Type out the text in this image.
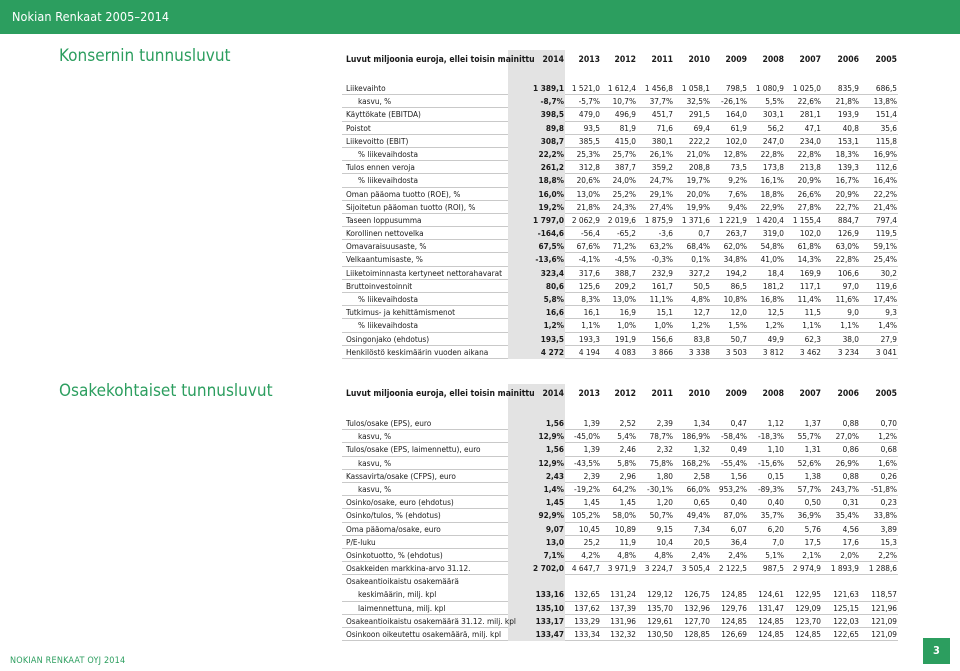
Nokian Renkaat 2005–2014
Konsernin tunnusluvut
Osakekohtaiset tunnusluvut
Luvut miljoonia euroja, ellei toisin mainittu 2014 2013 2012 2011 2010 2009 2008 2007 2006 2005
Liikevaihto	1 389,1 1 521,0 1 612,4 1 456,8 1 058,1 798,5 1 080,9 1 025,0 835,9 686,5
kasvu, %	-8,7% -5,7% 10,7% 37,7% 32,5% -26,1% 5,5% 22,6% 21,8% 13,8%
Käyttökate (EBITDA)	398,5 479,0 496,9 451,7 291,5 164,0 303,1 281,1 193,9 151,4
Poistot	89,8 93,5 81,9	71,6	69,4	61,9	56,2	47,1	40,8	35,6
Liikevoitto (EBIT)	308,7 385,5 415,0 380,1 222,2 102,0 247,0 234,0 153,1 115,8
% liikevaihdosta	22,2% 25,3% 25,7% 26,1% 21,0% 12,8% 22,8% 22,8% 18,3% 16,9%
Tulos ennen veroja	261,2 312,8 387,7 359,2 208,8	73,5 173,8 213,8 139,3 112,6
% liikevaihdosta	18,8% 20,6% 24,0% 24,7% 19,7% 9,2% 16,1% 20,9% 16,7% 16,4%
Oman pääoma tuotto (ROE), %	16,0% 13,0% 25,2% 29,1% 20,0% 7,6% 18,8% 26,6% 20,9% 22,2%
Sijoitetun pääoman tuotto (ROI), %	19,2% 21,8% 24,3% 27,4% 19,9% 9,4% 22,9% 27,8% 22,7% 21,4%
Taseen loppusumma	1 797,0 2 062,9 2 019,6 1 875,9 1 371,6 1 221,9 1 420,4 1 155,4 884,7 797,4
Korollinen nettovelka	-164,6 -56,4 -65,2	-3,6	0,7 263,7 319,0 102,0 126,9 119,5
Omavaraisuusaste, %	67,5% 67,6% 71,2% 63,2% 68,4% 62,0% 54,8% 61,8% 63,0% 59,1%
Velkaantumisaste, %	-13,6% -4,1% -4,5% -0,3% 0,1% 34,8% 41,0% 14,3% 22,8% 25,4%
Liiketoiminnasta kertyneet nettorahavarat	323,4 317,6 388,7 232,9 327,2 194,2	18,4 169,9 106,6	30,2
Bruttoinvestoinnit	80,6 125,6 209,2 161,7	50,5	86,5 181,2 117,1	97,0 119,6
% liikevaihdosta	5,8% 8,3% 13,0% 11,1% 4,8% 10,8% 16,8% 11,4% 11,6% 17,4%
Tutkimus- ja kehittämismenot	16,6 16,1 16,9	15,1	12,7	12,0	12,5	11,5	9,0	9,3
% liikevaihdosta	1,2% 1,1% 1,0% 1,0% 1,2% 1,5% 1,2% 1,1% 1,1% 1,4%
Osingonjako (ehdotus)	193,5 193,3 191,9 156,6	83,8	50,7	49,9	62,3	38,0	27,9
Henkilöstö keskimäärin vuoden aikana	4 272 4 194 4 083 3 866 3 338 3 503 3 812 3 462 3 234 3 041
Luvut miljoonia euroja, ellei toisin mainittu 2014 2013 2012 2011 2010 2009 2008 2007 2006 2005
Tulos/osake (EPS), euro	1,56 1,39 2,52	2,39	1,34	0,47	1,12	1,37	0,88	0,70
kasvu, %	12,9% -45,0% 5,4% 78,7% 186,9% -58,4% -18,3% 55,7% 27,0% 1,2%
Tulos/osake (EPS, laimennettu), euro	1,56 1,39 2,46	2,32	1,32	0,49	1,10	1,31	0,86	0,68
kasvu, %	12,9% -43,5% 5,8% 75,8% 168,2% -55,4% -15,6% 52,6% 26,9% 1,6%
Kassavirta/osake (CFPS), euro	2,43 2,39 2,96	1,80	2,58	1,56	0,15	1,38	0,88	0,26
kasvu, %	1,4% -19,2% 64,2% -30,1% 66,0% 953,2% -89,3% 57,7% 243,7% -51,8%
Osinko/osake, euro (ehdotus)	1,45 1,45 1,45	1,20	0,65	0,40	0,40	0,50	0,31	0,23
Osinko/tulos, % (ehdotus)	92,9% 105,2% 58,0% 50,7% 49,4% 87,0% 35,7% 36,9% 35,4% 33,8%
Oma pääoma/osake, euro	9,07 10,45 10,89	9,15	7,34	6,07	6,20	5,76	4,56	3,89
P/E-luku	13,0 25,2 11,9	10,4	20,5	36,4	7,0	17,5	17,6	15,3
Osinkotuotto, % (ehdotus)	7,1% 4,2% 4,8% 4,8% 2,4% 2,4% 5,1% 2,1% 2,0% 2,2%
Osakkeiden markkina-arvo 31.12.	2 702,0 4 647,7 3 971,9 3 224,7 3 505,4 2 122,5 987,5 2 974,9 1 893,9 1 288,6
Osakeantioikaistu osakemäärä
keskimäärin, milj. kpl	133,16 132,65 131,24 129,12 126,75 124,85 124,61 122,95 121,63 118,57
laimennettuna, milj. kpl	135,10 137,62 137,39 135,70 132,96 129,76 131,47 129,09 125,15 121,96
Osakeantioikaistu osakemäärä 31.12. milj. kpl 133,17 133,29 131,96 129,61 127,70 124,85 124,85 123,70 122,03 121,09
Osinkoon oikeutettu osakemäärä, milj. kpl	133,47 133,34 132,32 130,50 128,85 126,69 124,85 124,85 122,65 121,09
NOKIAN RENKAAT OYJ 2014
3
